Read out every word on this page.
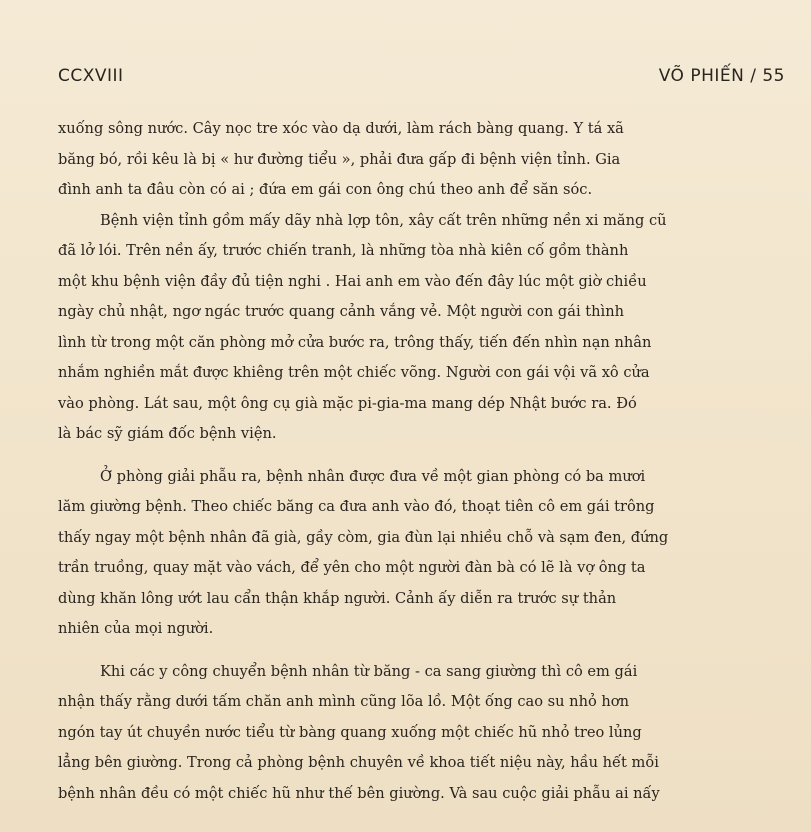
CCXVIII	VÕ PHIẾN / 55

xuống sông nước. Cây nọc tre xóc vào dạ dưới, làm rách bàng quang. Y tá xã
băng bó, rồi kêu là bị « hư đường tiểu », phải đưa gấp đi bệnh viện tỉnh. Gia
đình anh ta đâu còn có ai ; đứa em gái con ông chú theo anh để săn sóc.

Bệnh viện tỉnh gồm mấy dãy nhà lợp tôn, xây cất trên những nền xi măng cũ
đã lở lói. Trên nền ấy, trước chiến tranh, là những tòa nhà kiên cố gồm thành
một khu bệnh viện đầy đủ tiện nghi . Hai anh em vào đến đây lúc một giờ chiều
ngày chủ nhật, ngơ ngác trước quang cảnh vắng vẻ. Một người con gái thình
lình từ trong một căn phòng mở cửa bước ra, trông thấy, tiến đến nhìn nạn nhân
nhắm nghiền mắt được khiêng trên một chiếc võng. Người con gái vội vã xô cửa
vào phòng. Lát sau, một ông cụ già mặc pi-gia-ma mang dép Nhật bước ra. Đó
là bác sỹ giám đốc bệnh viện.

Ở phòng giải phẫu ra, bệnh nhân được đưa về một gian phòng có ba mươi
lăm giường bệnh. Theo chiếc băng ca đưa anh vào đó, thoạt tiên cô em gái trông
thấy ngay một bệnh nhân đã già, gầy còm, gia đùn lại nhiều chỗ và sạm đen, đứng
trần truồng, quay mặt vào vách, để yên cho một người đàn bà có lẽ là vợ ông ta
dùng khăn lông ướt lau cẩn thận khắp người. Cảnh ấy diễn ra trước sự thản
nhiên của mọi người.

Khi các y công chuyển bệnh nhân từ băng - ca sang giường thì cô em gái
nhận thấy rằng dưới tấm chăn anh mình cũng lõa lồ. Một ống cao su nhỏ hơn
ngón tay út chuyền nước tiểu từ bàng quang xuống một chiếc hũ nhỏ treo lủng
lẳng bên giường. Trong cả phòng bệnh chuyên về khoa tiết niệu này, hầu hết mỗi
bệnh nhân đều có một chiếc hũ như thế bên giường. Và sau cuộc giải phẫu ai nấy
